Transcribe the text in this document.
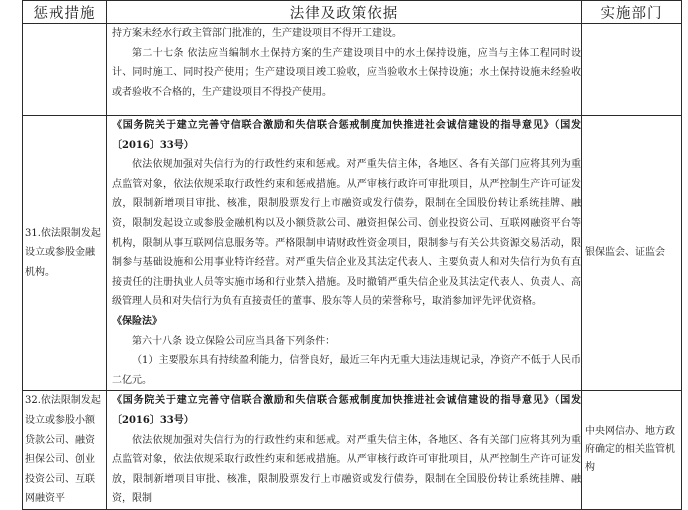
惩戒措施	法律及政策依据	实施部门

	持方案未经水行政主管部门批准的，生产建设项目不得开工建设。

第二十七条 依法应当编制水土保持方案的生产建设项目中的水土保持设施，应当与主体工程同时设计、同时施工、同时投产使用；生产建设项目竣工验收，应当验收水土保持设施；水土保持设施未经验收或者验收不合格的，生产建设项目不得投产使用。	

31.依法限制发起设立或参股金融机构。	《国务院关于建立完善守信联合激励和失信联合惩戒制度加快推进社会诚信建设的指导意见》（国发〔2016〕33号）

依法依规加强对失信行为的行政性约束和惩戒。对严重失信主体，各地区、各有关部门应将其列为重点监管对象，依法依规采取行政性约束和惩戒措施。从严审核行政许可审批项目，从严控制生产许可证发放，限制新增项目审批、核准，限制股票发行上市融资或发行债券，限制在全国股份转让系统挂牌、融资，限制发起设立或参股金融机构以及小额贷款公司、融资担保公司、创业投资公司、互联网融资平台等机构，限制从事互联网信息服务等。严格限制申请财政性资金项目，限制参与有关公共资源交易活动，限制参与基础设施和公用事业特许经营。对严重失信企业及其法定代表人、主要负责人和对失信行为负有直接责任的注册执业人员等实施市场和行业禁入措施。及时撤销严重失信企业及其法定代表人、负责人、高级管理人员和对失信行为负有直接责任的董事、股东等人员的荣誉称号，取消参加评先评优资格。

《保险法》

第六十八条 设立保险公司应当具备下列条件：

（1）主要股东具有持续盈利能力，信誉良好，最近三年内无重大违法违规记录，净资产不低于人民币二亿元。	银保监会、证监会
32.依法限制发起设立或参股小额贷款公司、融资担保公司、创业投资公司、互联网融资平	《国务院关于建立完善守信联合激励和失信联合惩戒制度加快推进社会诚信建设的指导意见》（国发〔2016〕33号）

依法依规加强对失信行为的行政性约束和惩戒。对严重失信主体，各地区、各有关部门应将其列为重点监管对象，依法依规采取行政性约束和惩戒措施。从严审核行政许可审批项目，从严控制生产许可证发放，限制新增项目审批、核准，限制股票发行上市融资或发行债券，限制在全国股份转让系统挂牌、融资，限制	中央网信办、地方政府确定的相关监管机构
